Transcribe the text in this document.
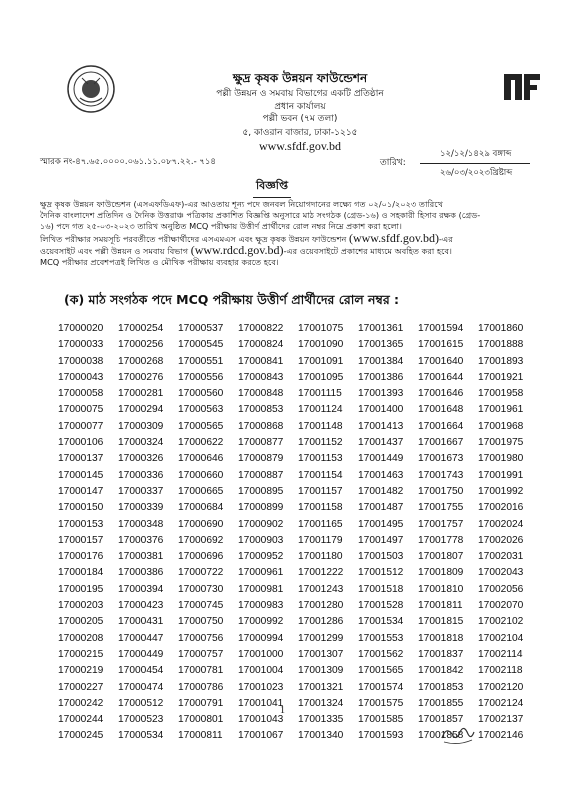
ক্ষুদ্র কৃষক উন্নয়ন ফাউন্ডেশন
পল্লী উন্নয়ন ও সমবায় বিভাগের একটি প্রতিষ্ঠান
প্রধান কার্যালয়
পল্লী ভবন (৭ম তলা)
৫, কাওরান বাজার, ঢাকা-১২১৫
www.sfdf.gov.bd
স্মারক নং-৪৭.৬৫.০০০০.০৬১.১১.০৮৭.২২.- ৭১৪	তারিখ:
১২/১২/১৪২৯ বঙ্গাব্দ
২৬/০৩/২০২৩খ্রিষ্টাব্দ
বিজ্ঞপ্তি
ক্ষুদ্র কৃষক উন্নয়ন ফাউন্ডেশন (এসএফডিএফ)-এর আওতায় শূন্য পদে জনবল নিয়োগদানের লক্ষ্যে গত ০২/০১/২০২৩ তারিখে
দৈনিক বাংলাদেশ প্রতিদিন ও দৈনিক উত্তরাঞ্চ পত্রিকায় প্রকাশিত বিজ্ঞপ্তি অনুসারে মাঠ সংগঠক (গ্রেড-১৬) ও সহকারী হিসাব রক্ষক (গ্রেড-
১৬) পদে গত ২৫-০৩-২০২৩ তারিখ অনুষ্ঠিত MCQ পরীক্ষায় উত্তীর্ণ প্রার্থীদের রোল নম্বর নিম্নে প্রকাশ করা হলো।
লিখিত পরীক্ষার সময়সূচি পরবর্তীতে পরীক্ষার্থীদের এসএমএস এবং ক্ষুদ্র কৃষক উন্নয়ন ফাউন্ডেশন (www.sfdf.gov.bd)-এর
ওয়েবসাইট এবং পল্লী উন্নয়ন ও সমবায় বিভাগ (www.rdcd.gov.bd)-এর ওয়েবসাইটে প্রকাশের মাধ্যমে অবহিত করা হবে।
MCQ পরীক্ষার প্রবেশপত্রই লিখিত ও মৌখিক পরীক্ষায় ব্যবহার করতে হবে।
(ক) মাঠ সংগঠক পদে MCQ পরীক্ষায় উত্তীর্ণ প্রার্থীদের রোল নম্বর :
17000020	17000254	17000537	17000822	17001075	17001361	17001594	17001860
17000033	17000256	17000545	17000824	17001090	17001365	17001615	17001888
17000038	17000268	17000551	17000841	17001091	17001384	17001640	17001893
17000043	17000276	17000556	17000843	17001095	17001386	17001644	17001921
17000058	17000281	17000560	17000848	17001115	17001393	17001646	17001958
17000075	17000294	17000563	17000853	17001124	17001400	17001648	17001961
17000077	17000309	17000565	17000868	17001148	17001413	17001664	17001968
17000106	17000324	17000622	17000877	17001152	17001437	17001667	17001975
17000137	17000326	17000646	17000879	17001153	17001449	17001673	17001980
17000145	17000336	17000660	17000887	17001154	17001463	17001743	17001991
17000147	17000337	17000665	17000895	17001157	17001482	17001750	17001992
17000150	17000339	17000684	17000899	17001158	17001487	17001755	17002016
17000153	17000348	17000690	17000902	17001165	17001495	17001757	17002024
17000157	17000376	17000692	17000903	17001179	17001497	17001778	17002026
17000176	17000381	17000696	17000952	17001180	17001503	17001807	17002031
17000184	17000386	17000722	17000961	17001222	17001512	17001809	17002043
17000195	17000394	17000730	17000981	17001243	17001518	17001810	17002056
17000203	17000423	17000745	17000983	17001280	17001528	17001811	17002070
17000205	17000431	17000750	17000992	17001286	17001534	17001815	17002102
17000208	17000447	17000756	17000994	17001299	17001553	17001818	17002104
17000215	17000449	17000757	17001000	17001307	17001562	17001837	17002114
17000219	17000454	17000781	17001004	17001309	17001565	17001842	17002118
17000227	17000474	17000786	17001023	17001321	17001574	17001853	17002120
17000242	17000512	17000791	17001041	17001324	17001575	17001855	17002124
17000244	17000523	17000801	17001043	17001335	17001585	17001857	17002137
17000245	17000534	17000811	17001067	17001340	17001593	17001858	17002146
1
